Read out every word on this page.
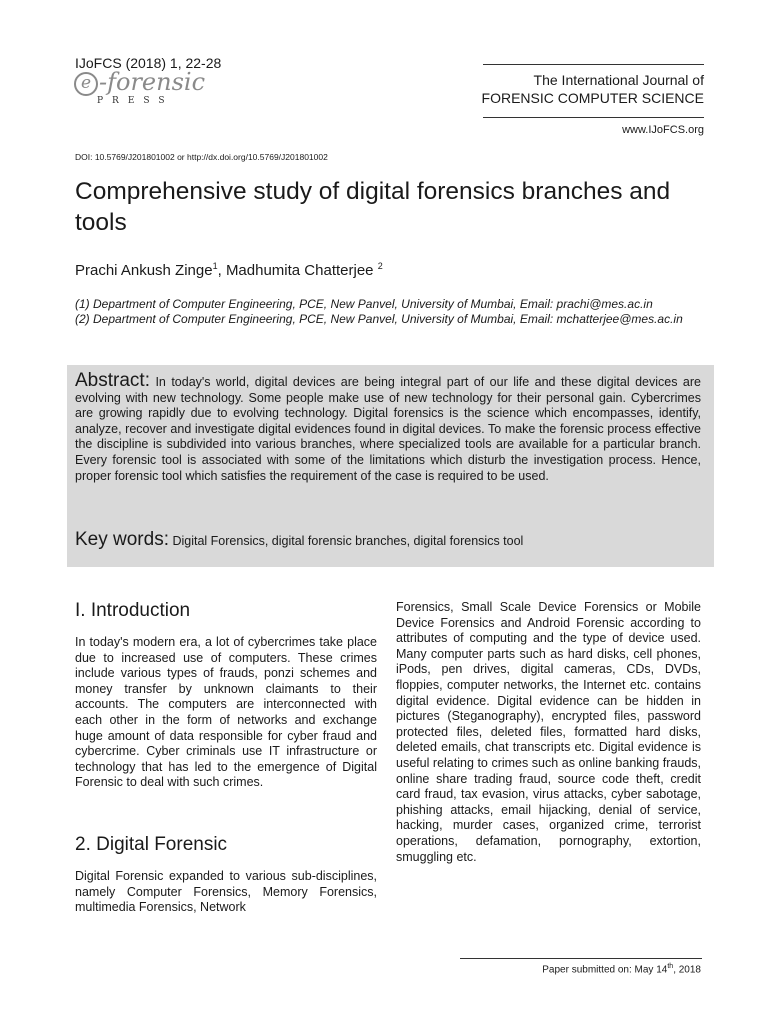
IJoFCS (2018) 1, 22-28
e -forensic
PRESS
The International Journal of
FORENSIC COMPUTER SCIENCE
www.IJoFCS.org
DOI: 10.5769/J201801002 or http://dx.doi.org/10.5769/J201801002
Comprehensive study of digital forensics branches and tools
Prachi Ankush Zinge$^1$, Madhumita Chatterjee $^2$
(1) Department of Computer Engineering, PCE, New Panvel, University of Mumbai, Email: prachi@mes.ac.in
(2) Department of Computer Engineering, PCE, New Panvel, University of Mumbai, Email: mchatterjee@mes.ac.in
Abstract: In today's world, digital devices are being integral part of our life and these digital devices are evolving with new technology. Some people make use of new technology for their personal gain. Cybercrimes are growing rapidly due to evolving technology. Digital forensics is the science which encompasses, identify, analyze, recover and investigate digital evidences found in digital devices. To make the forensic process effective the discipline is subdivided into various branches, where specialized tools are available for a particular branch. Every forensic tool is associated with some of the limitations which disturb the investigation process. Hence, proper forensic tool which satisfies the requirement of the case is required to be used.
Key words: Digital Forensics, digital forensic branches, digital forensics tool
I. Introduction
In today's modern era, a lot of cybercrimes take place due to increased use of computers. These crimes include various types of frauds, ponzi schemes and money transfer by unknown claimants to their accounts. The computers are interconnected with each other in the form of networks and exchange huge amount of data responsible for cyber fraud and cybercrime. Cyber criminals use IT infrastructure or technology that has led to the emergence of Digital Forensic to deal with such crimes.
2. Digital Forensic
Digital Forensic expanded to various sub-disciplines, namely Computer Forensics, Memory Forensics, multimedia Forensics, Network
Forensics, Small Scale Device Forensics or Mobile Device Forensics and Android Forensic according to attributes of computing and the type of device used. Many computer parts such as hard disks, cell phones, iPods, pen drives, digital cameras, CDs, DVDs, floppies, computer networks, the Internet etc. contains digital evidence. Digital evidence can be hidden in pictures (Steganography), encrypted files, password protected files, deleted files, formatted hard disks, deleted emails, chat transcripts etc. Digital evidence is useful relating to crimes such as online banking frauds, online share trading fraud, source code theft, credit card fraud, tax evasion, virus attacks, cyber sabotage, phishing attacks, email hijacking, denial of service, hacking, murder cases, organized crime, terrorist operations, defamation, pornography, extortion, smuggling etc.
Paper submitted on: May 14th, 2018
